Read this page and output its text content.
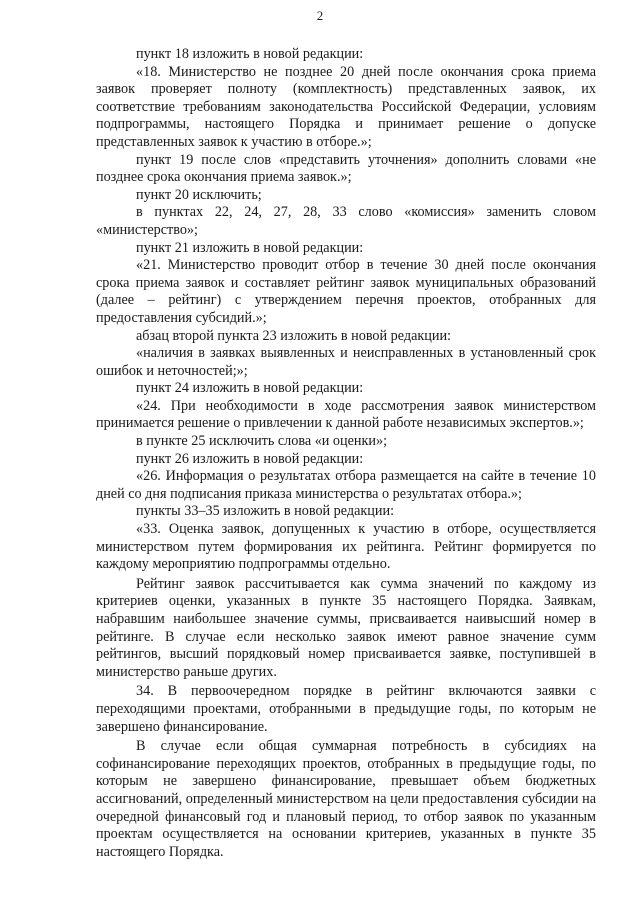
2

пункт 18 изложить в новой редакции:

«18. Министерство не позднее 20 дней после окончания срока приема заявок проверяет полноту (комплектность) представленных заявок, их соответствие требованиям законодательства Российской Федерации, условиям подпрограммы, настоящего Порядка и принимает решение о допуске представленных заявок к участию в отборе.»;

пункт 19 после слов «представить уточнения» дополнить словами «не позднее срока окончания приема заявок.»;

пункт 20 исключить;

в пунктах 22, 24, 27, 28, 33 слово «комиссия» заменить словом «министерство»;

пункт 21 изложить в новой редакции:

«21. Министерство проводит отбор в течение 30 дней после окончания срока приема заявок и составляет рейтинг заявок муниципальных образований (далее – рейтинг) с утверждением перечня проектов, отобранных для предоставления субсидий.»;

абзац второй пункта 23 изложить в новой редакции:

«наличия в заявках выявленных и неисправленных в установленный срок ошибок и неточностей;»;

пункт 24 изложить в новой редакции:

«24. При необходимости в ходе рассмотрения заявок министерством принимается решение о привлечении к данной работе независимых экспертов.»;

в пункте 25 исключить слова «и оценки»;

пункт 26 изложить в новой редакции:

«26. Информация о результатах отбора размещается на сайте в течение 10 дней со дня подписания приказа министерства о результатах отбора.»;

пункты 33–35 изложить в новой редакции:

«33. Оценка заявок, допущенных к участию в отборе, осуществляется министерством путем формирования их рейтинга. Рейтинг формируется по каждому мероприятию подпрограммы отдельно.

Рейтинг заявок рассчитывается как сумма значений по каждому из критериев оценки, указанных в пункте 35 настоящего Порядка. Заявкам, набравшим наибольшее значение суммы, присваивается наивысший номер в рейтинге. В случае если несколько заявок имеют равное значение сумм рейтингов, высший порядковый номер присваивается заявке, поступившей в министерство раньше других.

34. В первоочередном порядке в рейтинг включаются заявки с переходящими проектами, отобранными в предыдущие годы, по которым не завершено финансирование.

В случае если общая суммарная потребность в субсидиях на софинансирование переходящих проектов, отобранных в предыдущие годы, по которым не завершено финансирование, превышает объем бюджетных ассигнований, определенный министерством на цели предоставления субсидии на очередной финансовый год и плановый период, то отбор заявок по указанным проектам осуществляется на основании критериев, указанных в пункте 35 настоящего Порядка.
